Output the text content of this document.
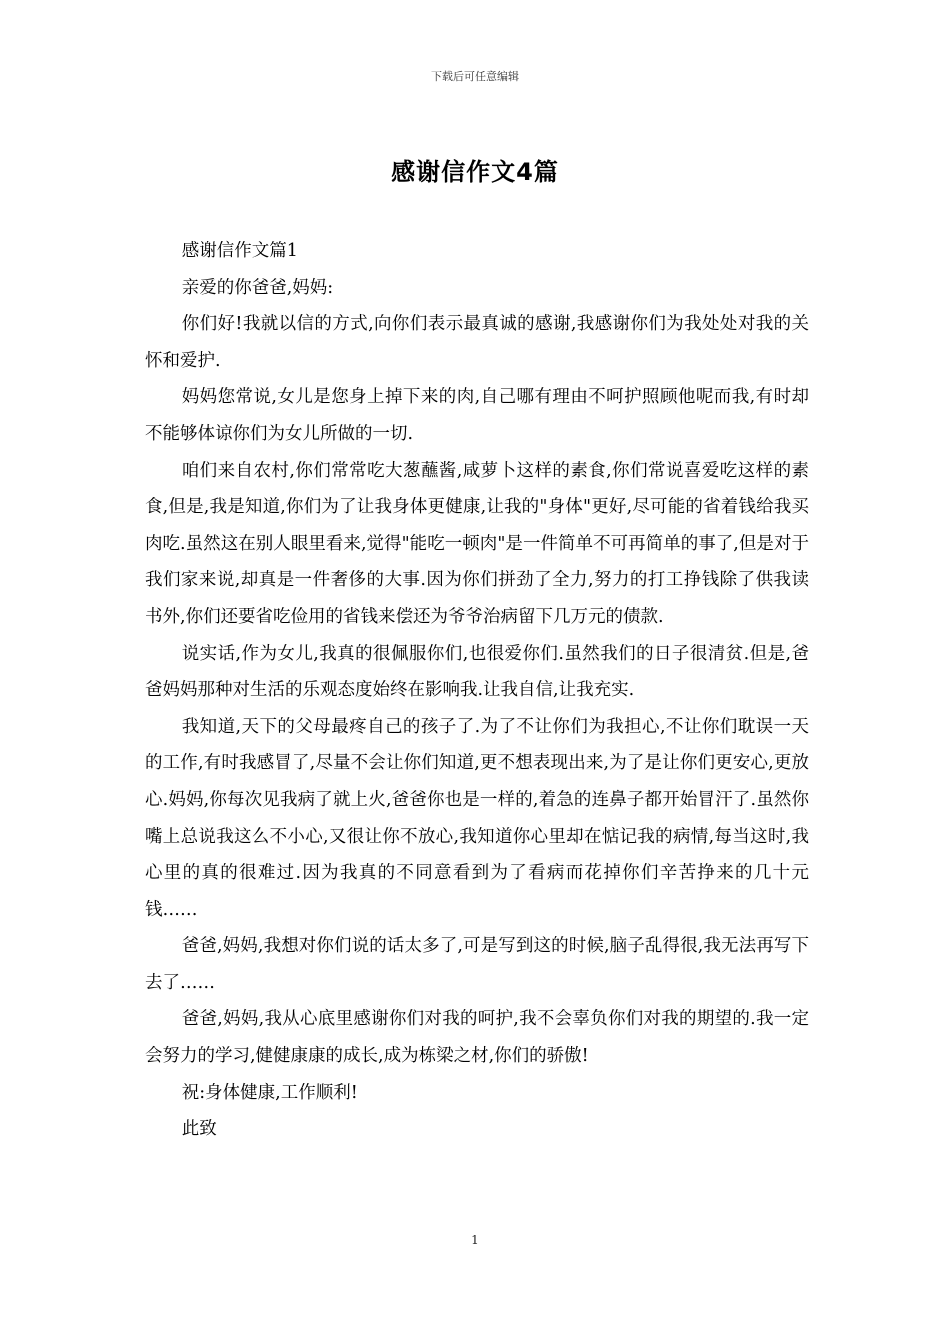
下载后可任意编辑
感谢信作文4篇

感谢信作文篇1

亲爱的你爸爸,妈妈:

你们好!我就以信的方式,向你们表示最真诚的感谢,我感谢你们为我处处对我的关怀和爱护.

妈妈您常说,女儿是您身上掉下来的肉,自己哪有理由不呵护照顾他呢而我,有时却不能够体谅你们为女儿所做的一切.

咱们来自农村,你们常常吃大葱蘸酱,咸萝卜这样的素食,你们常说喜爱吃这样的素食,但是,我是知道,你们为了让我身体更健康,让我的"身体"更好,尽可能的省着钱给我买肉吃.虽然这在别人眼里看来,觉得"能吃一顿肉"是一件简单不可再简单的事了,但是对于我们家来说,却真是一件奢侈的大事.因为你们拼劲了全力,努力的打工挣钱除了供我读书外,你们还要省吃俭用的省钱来偿还为爷爷治病留下几万元的债款.

说实话,作为女儿,我真的很佩服你们,也很爱你们.虽然我们的日子很清贫.但是,爸爸妈妈那种对生活的乐观态度始终在影响我.让我自信,让我充实.

我知道,天下的父母最疼自己的孩子了.为了不让你们为我担心,不让你们耽误一天的工作,有时我感冒了,尽量不会让你们知道,更不想表现出来,为了是让你们更安心,更放心.妈妈,你每次见我病了就上火,爸爸你也是一样的,着急的连鼻子都开始冒汗了.虽然你嘴上总说我这么不小心,又很让你不放心,我知道你心里却在惦记我的病情,每当这时,我心里的真的很难过.因为我真的不同意看到为了看病而花掉你们辛苦挣来的几十元钱……

爸爸,妈妈,我想对你们说的话太多了,可是写到这的时候,脑子乱得很,我无法再写下去了……

爸爸,妈妈,我从心底里感谢你们对我的呵护,我不会辜负你们对我的期望的.我一定会努力的学习,健健康康的成长,成为栋梁之材,你们的骄傲!

祝:身体健康,工作顺利!

此致

1
